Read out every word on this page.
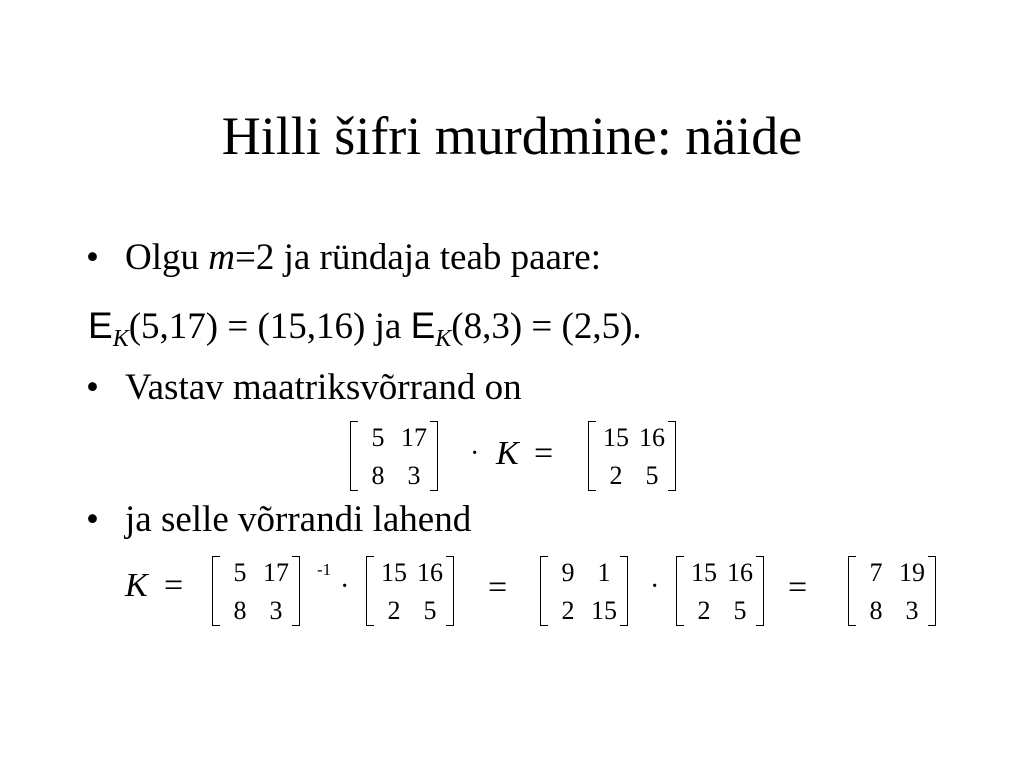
Hilli šifri murdmine: näide
• Olgu m=2 ja ründaja teab paare:
$E_K(5,17) = (15,16)$ ja $E_K(8,3) = (2,5)$.
• Vastav maatriksvõrrand on
5 17
8 3
· K = 15 16
2 5
• ja selle võrrandi lahend
K =	5 17
8 3
-1
· 15 16
2 5
=	9 1
2 15
· 15 16
2 5
=	7 19
8 3
